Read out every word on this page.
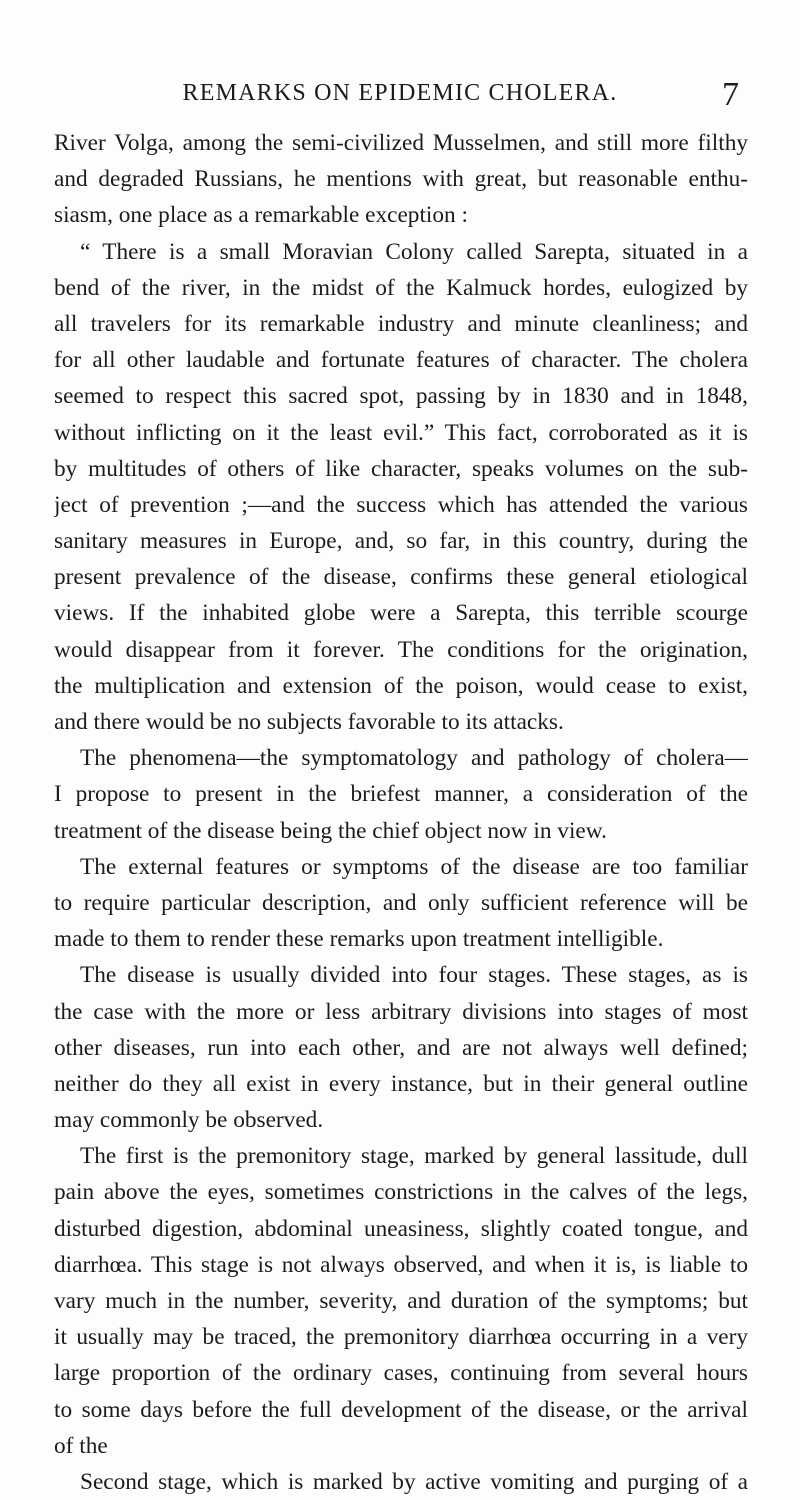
REMARKS ON EPIDEMIC CHOLERA.	7
River Volga, among the semi-civilized Musselmen, and still more filthy
and degraded Russians, he mentions with great, but reasonable enthu-
siasm, one place as a remarkable exception :
“ There is a small Moravian Colony called Sarepta, situated in a
bend of the river, in the midst of the Kalmuck hordes, eulogized by
all travelers for its remarkable industry and minute cleanliness; and
for all other laudable and fortunate features of character. The cholera
seemed to respect this sacred spot, passing by in 1830 and in 1848,
without inflicting on it the least evil.” This fact, corroborated as it is
by multitudes of others of like character, speaks volumes on the sub-
ject of prevention ;—and the success which has attended the various
sanitary measures in Europe, and, so far, in this country, during the
present prevalence of the disease, confirms these general etiological
views. If the inhabited globe were a Sarepta, this terrible scourge
would disappear from it forever. The conditions for the origination,
the multiplication and extension of the poison, would cease to exist,
and there would be no subjects favorable to its attacks.
The phenomena—the symptomatology and pathology of cholera—
I propose to present in the briefest manner, a consideration of the
treatment of the disease being the chief object now in view.
The external features or symptoms of the disease are too familiar
to require particular description, and only sufficient reference will be
made to them to render these remarks upon treatment intelligible.
The disease is usually divided into four stages. These stages, as is
the case with the more or less arbitrary divisions into stages of most
other diseases, run into each other, and are not always well defined;
neither do they all exist in every instance, but in their general outline
may commonly be observed.
The first is the premonitory stage, marked by general lassitude, dull
pain above the eyes, sometimes constrictions in the calves of the legs,
disturbed digestion, abdominal uneasiness, slightly coated tongue, and
diarrhœa. This stage is not always observed, and when it is, is liable to
vary much in the number, severity, and duration of the symptoms; but
it usually may be traced, the premonitory diarrhœa occurring in a very
large proportion of the ordinary cases, continuing from several hours
to some days before the full development of the disease, or the arrival
of the
Second stage, which is marked by active vomiting and purging of a
